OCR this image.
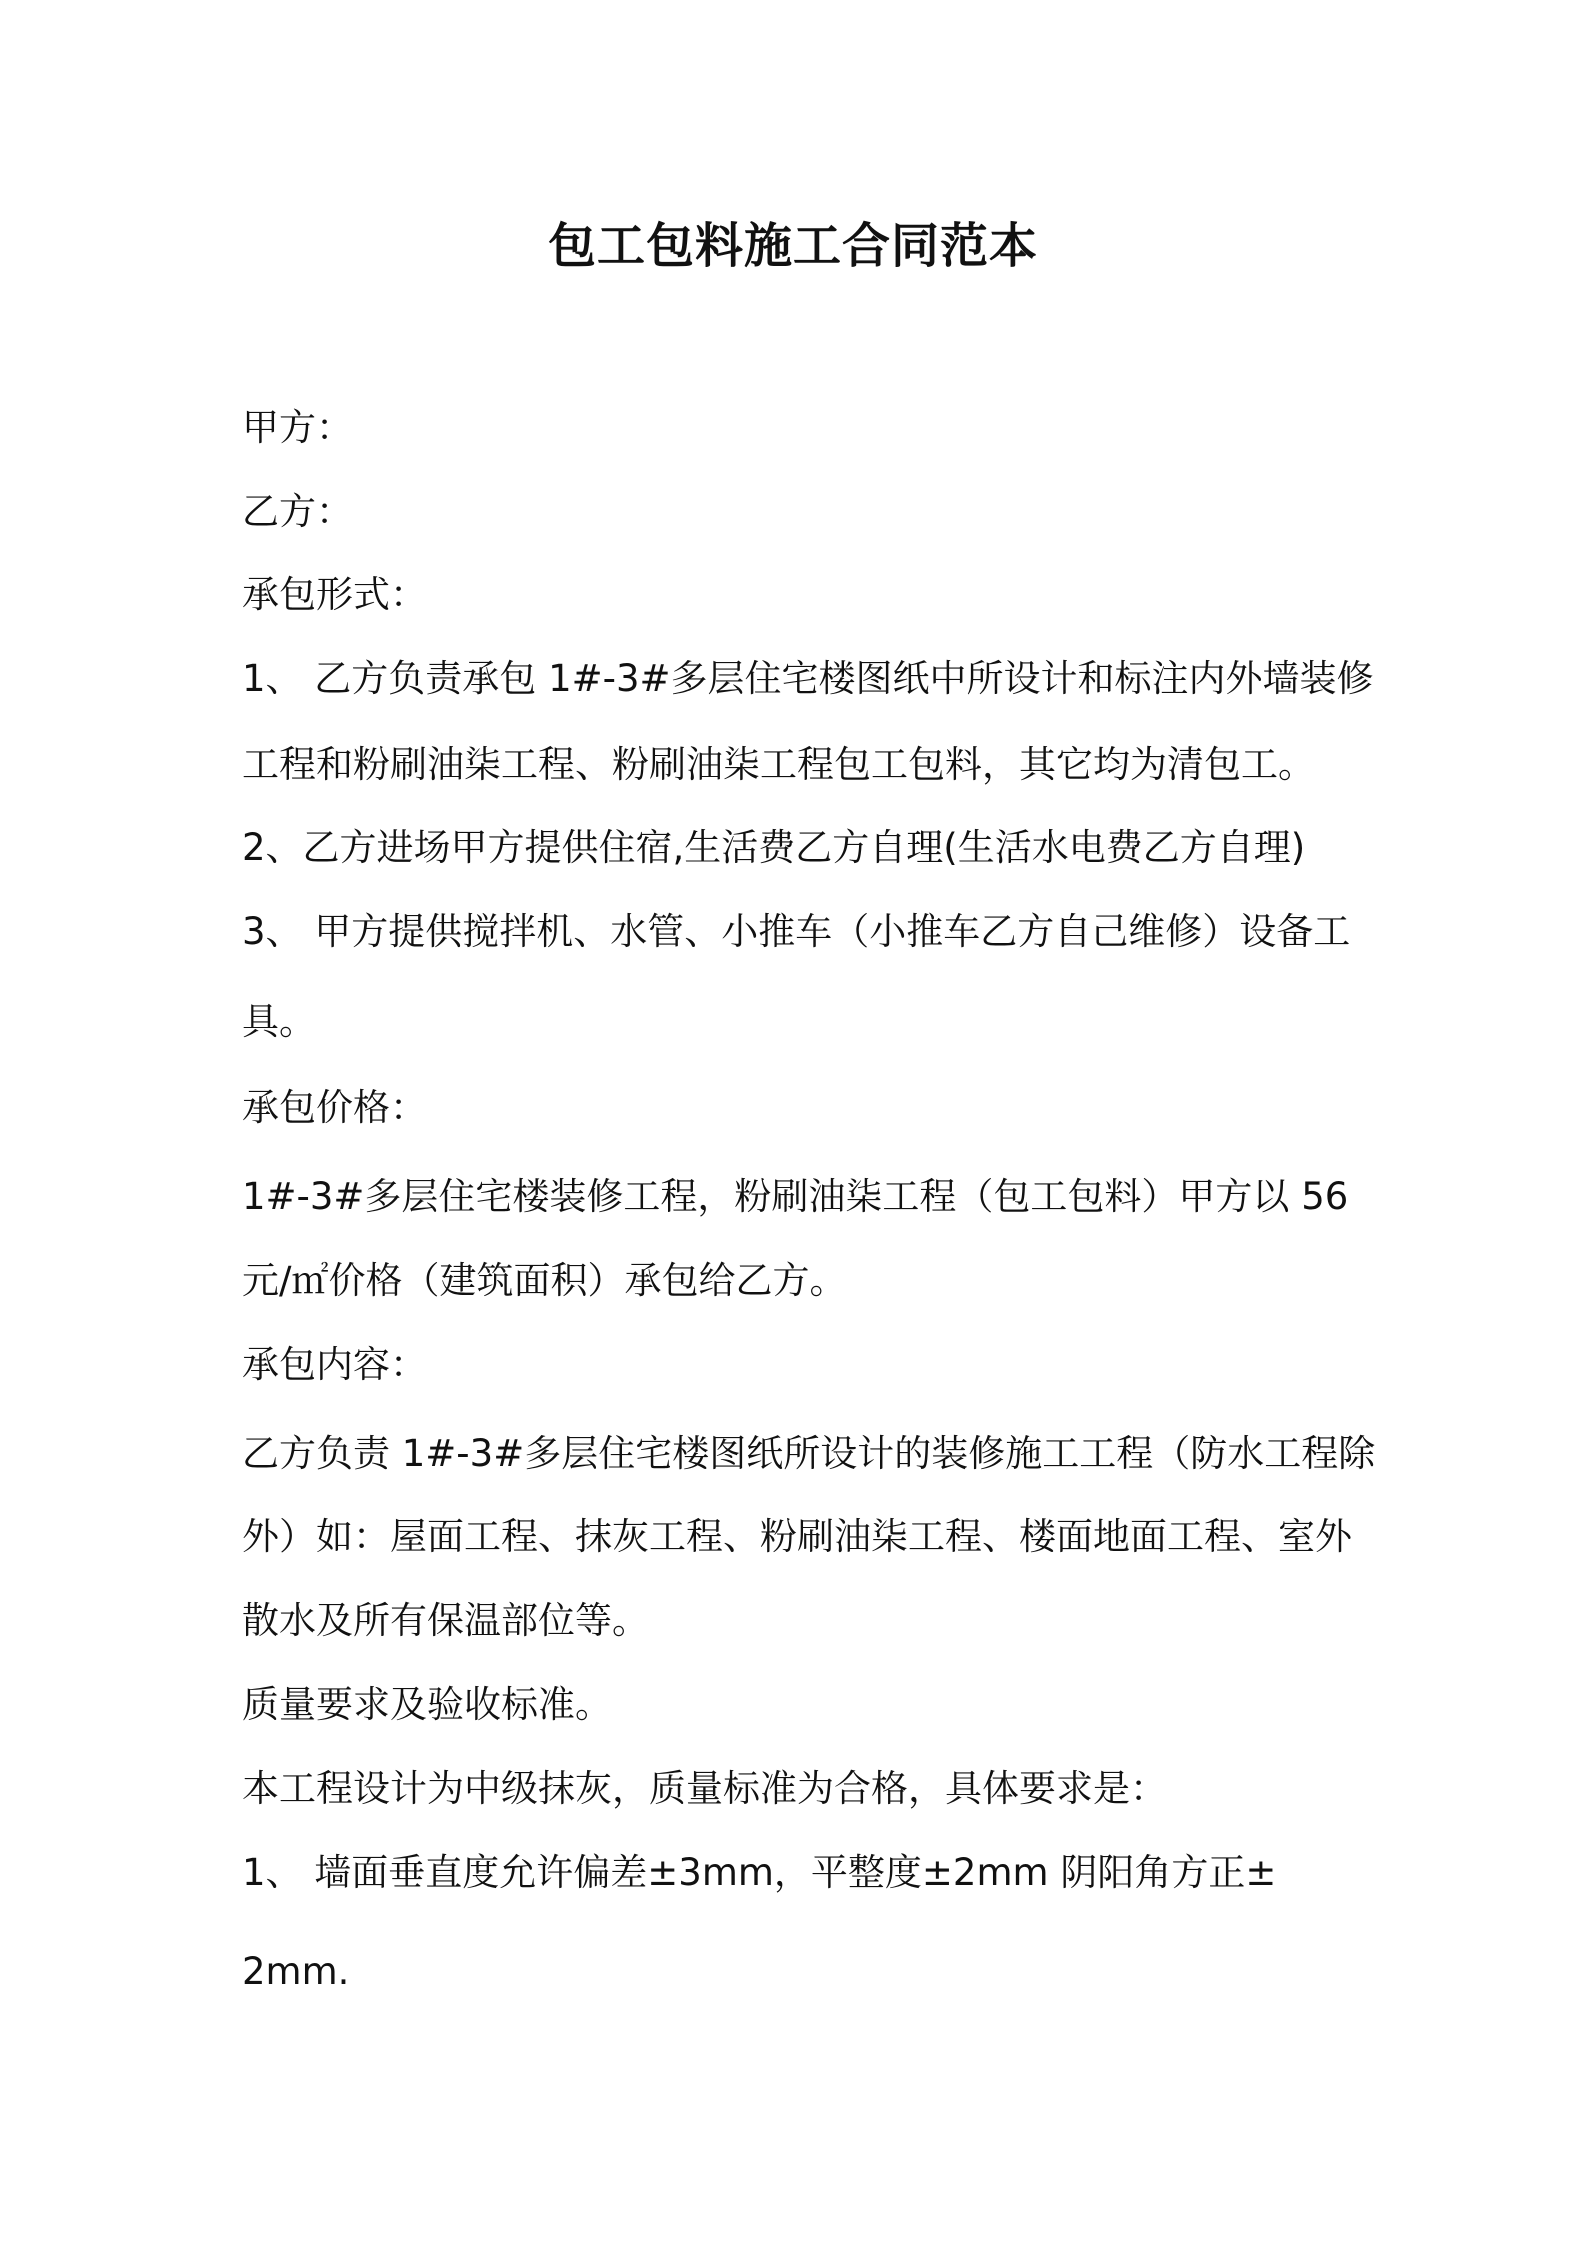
包工包料施工合同范本

甲方：

乙方：

承包形式：

1、 乙方负责承包 1#-3#多层住宅楼图纸中所设计和标注内外墙装修

工程和粉刷油柒工程、粉刷油柒工程包工包料，其它均为清包工。

2、乙方进场甲方提供住宿,生活费乙方自理(生活水电费乙方自理)

3、 甲方提供搅拌机、水管、小推车（小推车乙方自己维修）设备工

具。

承包价格：

1#-3#多层住宅楼装修工程，粉刷油柒工程（包工包料）甲方以 56

元/㎡价格（建筑面积）承包给乙方。

承包内容：

乙方负责 1#-3#多层住宅楼图纸所设计的装修施工工程（防水工程除

外）如：屋面工程、抹灰工程、粉刷油柒工程、楼面地面工程、室外

散水及所有保温部位等。

质量要求及验收标准。

本工程设计为中级抹灰，质量标准为合格，具体要求是：

1、 墙面垂直度允许偏差±3mm，平整度±2mm 阴阳角方正±

2mm.
